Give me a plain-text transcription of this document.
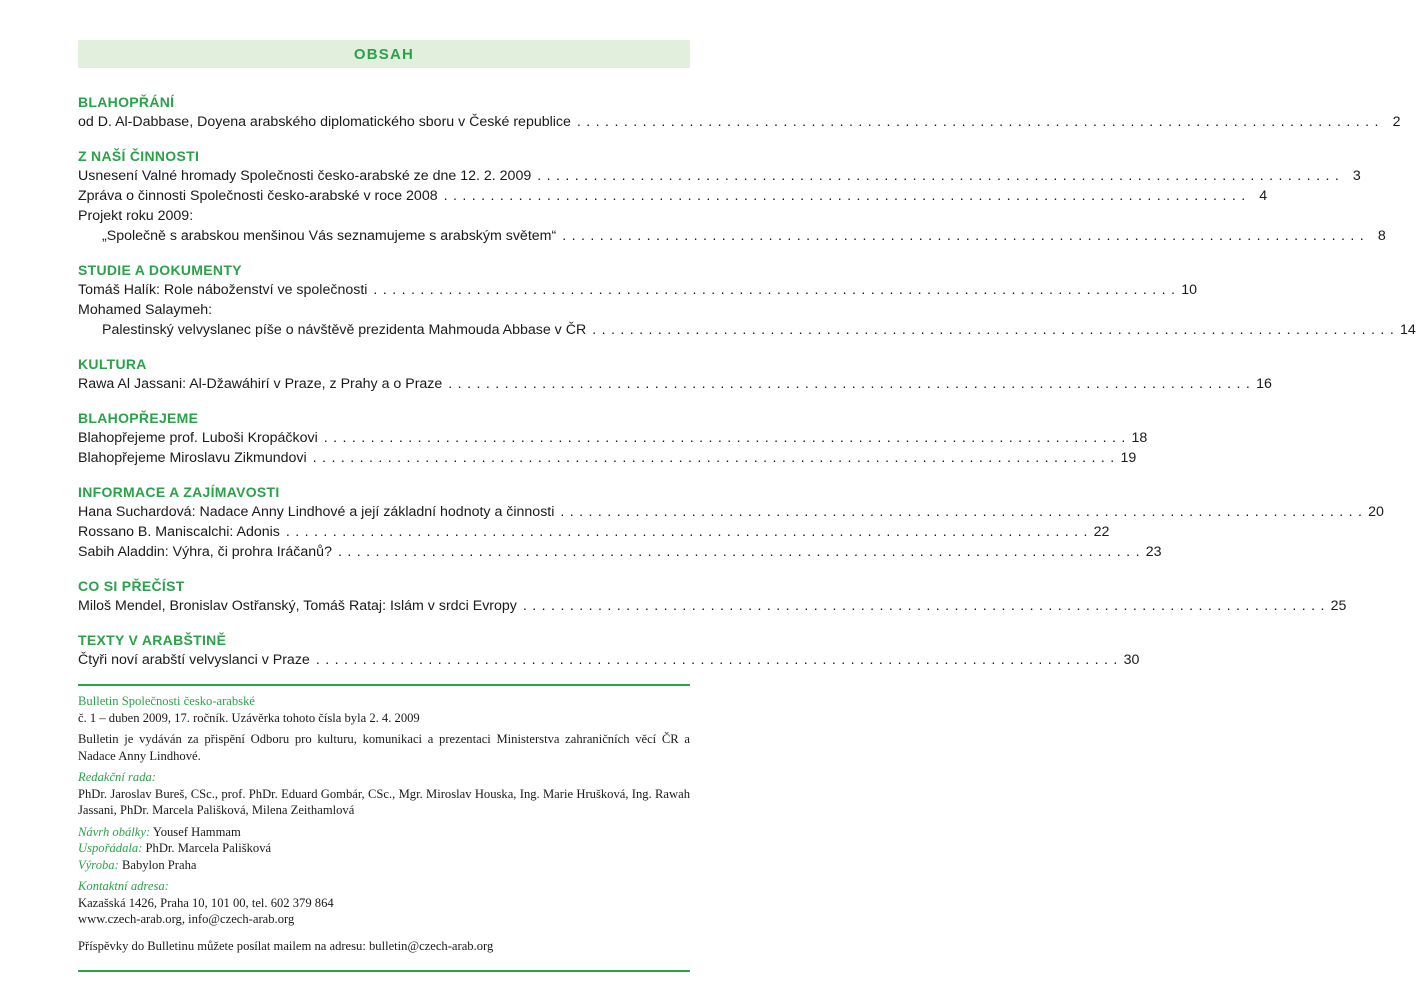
OBSAH
BLAHOPŘÁNÍ
od D. Al-Dabbase, Doyena arabského diplomatického sboru v České republice . . .	2
Z NAŠÍ ČINNOSTI
Usnesení Valné hromady Společnosti česko-arabské ze dne 12. 2. 2009 . . .	3
Zpráva o činnosti Společnosti česko-arabské v roce 2008 . . .	4
Projekt roku 2009:
„Společně s arabskou menšinou Vás seznamujeme s arabským světem“ . . .	8
STUDIE A DOKUMENTY
Tomáš Halík: Role náboženství ve společnosti . . .	10
Mohamed Salaymeh:
Palestinský velvyslanec píše o návštěvě prezidenta Mahmouda Abbase v ČR . . .	14
KULTURA
Rawa Al Jassani: Al-Džawáhirí v Praze, z Prahy a o Praze . . .	16
BLAHOPŘEJEME
Blahopřejeme prof. Luboši Kropáčkovi . . .	18
Blahopřejeme Miroslavu Zikmundovi . . .	19
INFORMACE A ZAJÍMAVOSTI
Hana Suchardová: Nadace Anny Lindhové a její základní hodnoty a činnosti . . .	20
Rossano B. Maniscalchi: Adonis . . .	22
Sabih Aladdin: Výhra, či prohra Iráčanů? . . .	23
CO SI PŘEČÍST
Miloš Mendel, Bronislav Ostřanský, Tomáš Rataj: Islám v srdci Evropy . . .	25
TEXTY V ARABŠTINĚ
Čtyři noví arabští velvyslanci v Praze . . .	30

Bulletin Společnosti česko-arabské

č. 1 – duben 2009, 17. ročník. Uzávěrka tohoto čísla byla 2. 4. 2009

Bulletin je vydáván za přispění Odboru pro kulturu, komunikaci a prezentaci Ministerstva zahraničních věcí ČR a Nadace Anny Lindhové.

Redakční rada:

PhDr. Jaroslav Bureš, CSc., prof. PhDr. Eduard Gombár, CSc., Mgr. Miroslav Houska, Ing. Marie Hrušková, Ing. Rawah Jassani, PhDr. Marcela Pališková, Milena Zeithamlová

Návrh obálky: Yousef Hammam

Uspořádala: PhDr. Marcela Pališková

Výroba: Babylon Praha

Kontaktní adresa:

Kazašská 1426, Praha 10, 101 00, tel. 602 379 864

www.czech-arab.org, info@czech-arab.org

Příspěvky do Bulletinu můžete posílat mailem na adresu: bulletin@czech-arab.org
